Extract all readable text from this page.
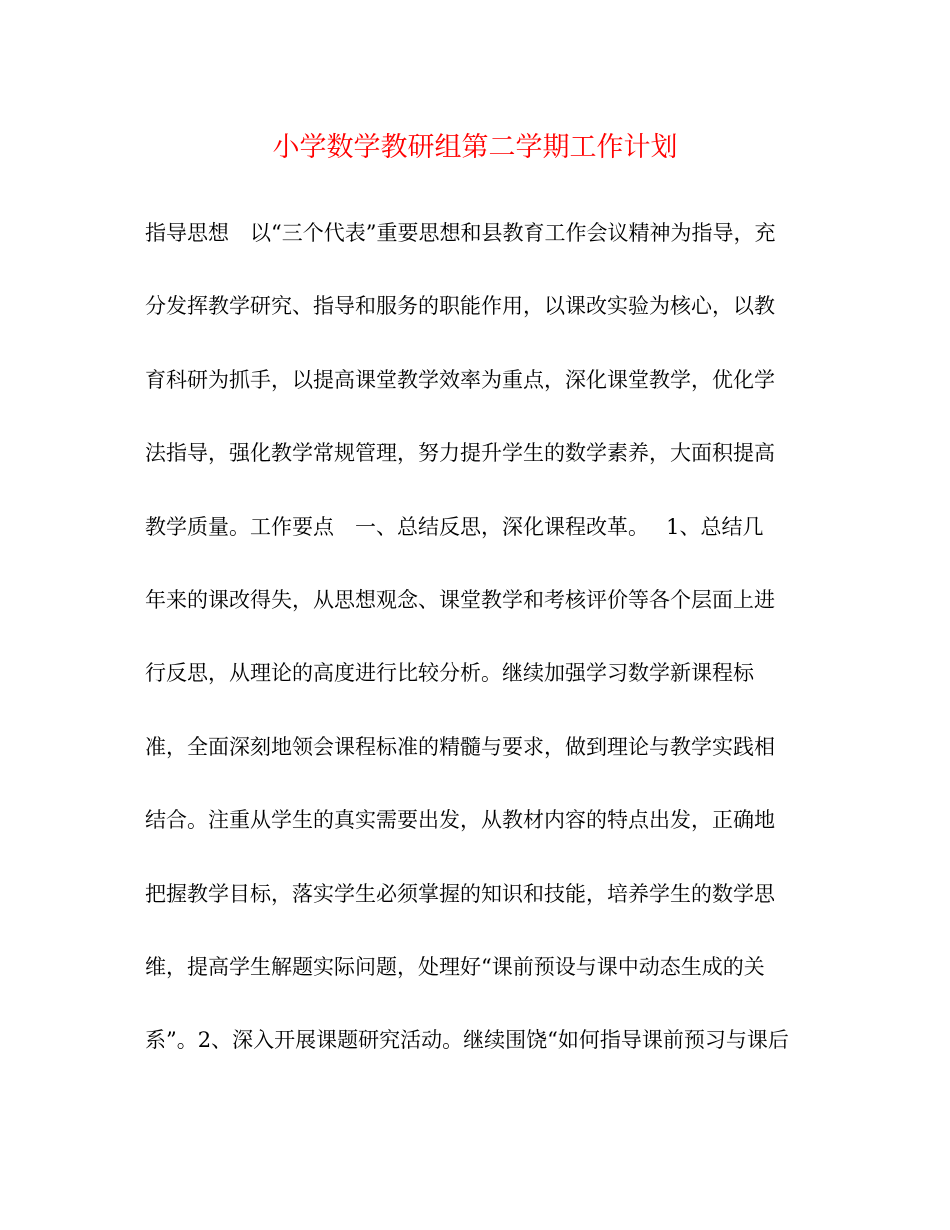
小学数学教研组第二学期工作计划
指导思想　以“三个代表”重要思想和县教育工作会议精神为指导，充
分发挥教学研究、指导和服务的职能作用，以课改实验为核心，以教
育科研为抓手，以提高课堂教学效率为重点，深化课堂教学，优化学
法指导，强化教学常规管理，努力提升学生的数学素养，大面积提高
教学质量。工作要点　一、总结反思，深化课程改革。　 1、总结几
年来的课改得失，从思想观念、课堂教学和考核评价等各个层面上进
行反思，从理论的高度进行比较分析。继续加强学习数学新课程标
准，全面深刻地领会课程标准的精髓与要求，做到理论与教学实践相
结合。注重从学生的真实需要出发，从教材内容的特点出发，正确地
把握教学目标，落实学生必须掌握的知识和技能，培养学生的数学思
维，提高学生解题实际问题，处理好“课前预设与课中动态生成的关
系”。2、深入开展课题研究活动。继续围饶“如何指导课前预习与课后
